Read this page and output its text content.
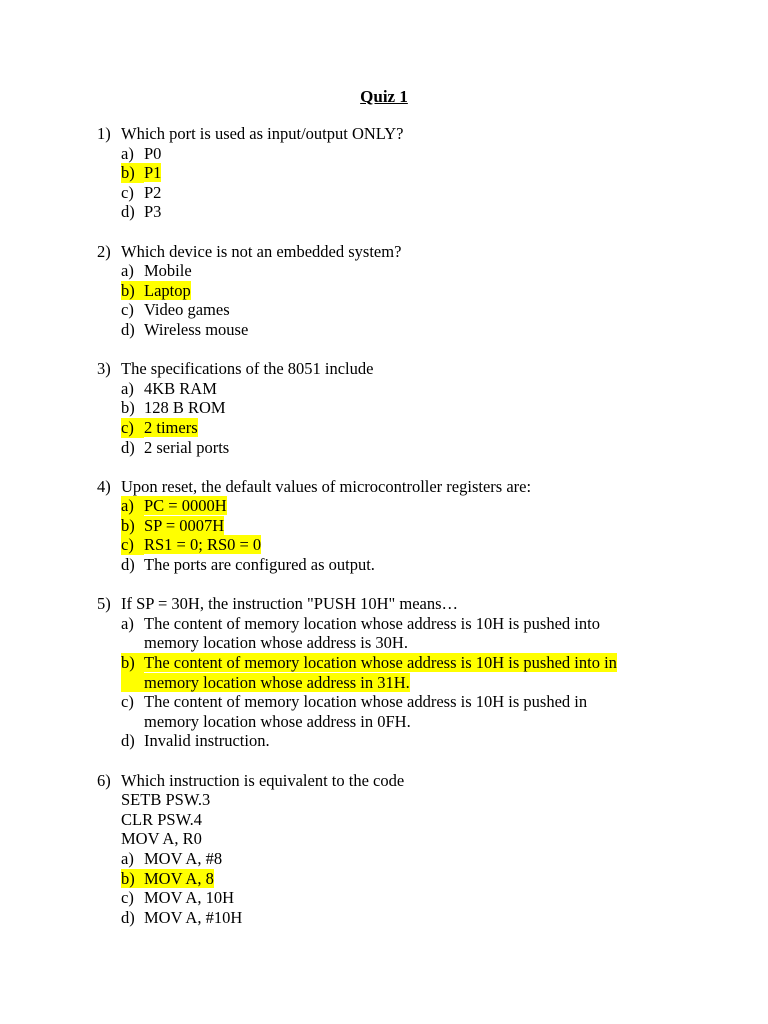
Quiz 1
1) Which port is used as input/output ONLY?
a) P0
b) P1
c) P2
d) P3
2) Which device is not an embedded system?
a) Mobile
b) Laptop
c) Video games
d) Wireless mouse
3) The specifications of the 8051 include
a) 4KB RAM
b) 128 B ROM
c) 2 timers
d) 2 serial ports
4) Upon reset, the default values of microcontroller registers are:
a) PC = 0000H
b) SP = 0007H
c) RS1 = 0; RS0 = 0
d) The ports are configured as output.
5) If SP = 30H, the instruction "PUSH 10H" means…
a) The content of memory location whose address is 10H is pushed into
memory location whose address is 30H.
b) The content of memory location whose address is 10H is pushed into in
memory location whose address in 31H.
c) The content of memory location whose address is 10H is pushed in
memory location whose address in 0FH.
d) Invalid instruction.
6) Which instruction is equivalent to the code
SETB PSW.3
CLR PSW.4
MOV A, R0
a) MOV A, #8
b) MOV A, 8
c) MOV A, 10H
d) MOV A, #10H
